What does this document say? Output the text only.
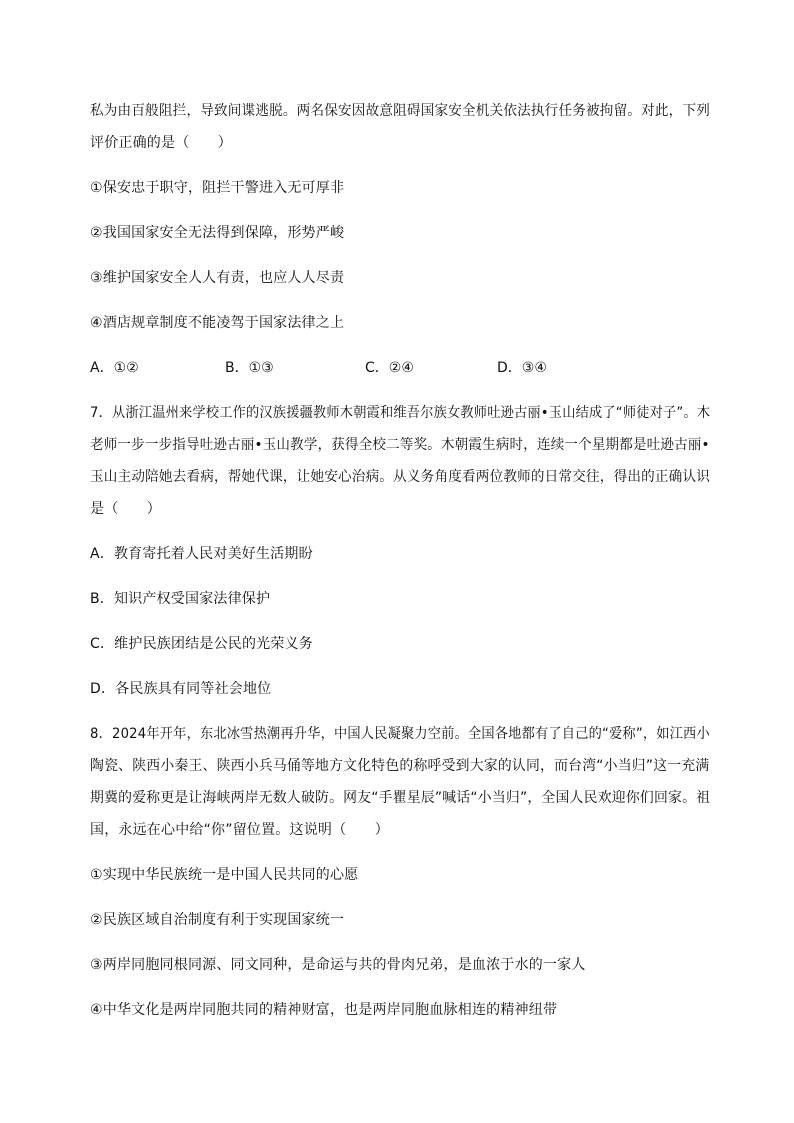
私为由百般阻拦，导致间谍逃脱。两名保安因故意阻碍国家安全机关依法执行任务被拘留。对此，下列
评价正确的是（　　）
①保安忠于职守，阻拦干警进入无可厚非
②我国国家安全无法得到保障，形势严峻
③维护国家安全人人有责，也应人人尽责
④酒店规章制度不能凌驾于国家法律之上
A．①②	B．①③	C．②④	D．③④
7．从浙江温州来学校工作的汉族援疆教师木朝霞和维吾尔族女教师吐逊古丽•玉山结成了“师徒对子”。木
老师一步一步指导吐逊古丽•玉山教学，获得全校二等奖。木朝霞生病时，连续一个星期都是吐逊古丽•
玉山主动陪她去看病，帮她代课，让她安心治病。从义务角度看两位教师的日常交往，得出的正确认识
是（　　）
A．教育寄托着人民对美好生活期盼
B．知识产权受国家法律保护
C．维护民族团结是公民的光荣义务
D．各民族具有同等社会地位
8．2024年开年，东北冰雪热潮再升华，中国人民凝聚力空前。全国各地都有了自己的“爱称”，如江西小
陶瓷、陕西小秦王、陕西小兵马俑等地方文化特色的称呼受到大家的认同，而台湾“小当归”这一充满
期冀的爱称更是让海峡两岸无数人破防。网友“手瞿星辰”喊话“小当归”，全国人民欢迎你们回家。祖
国，永远在心中给“你”留位置。这说明（　　）
①实现中华民族统一是中国人民共同的心愿
②民族区域自治制度有利于实现国家统一
③两岸同胞同根同源、同文同种，是命运与共的骨肉兄弟，是血浓于水的一家人
④中华文化是两岸同胞共同的精神财富，也是两岸同胞血脉相连的精神纽带
